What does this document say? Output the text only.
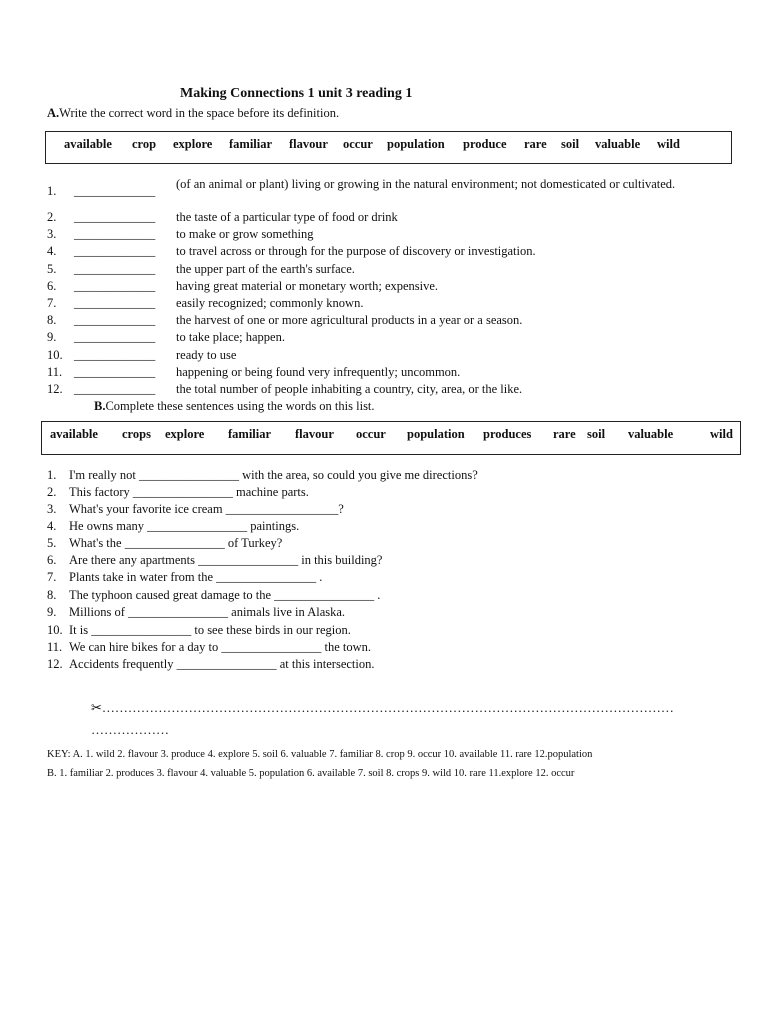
Making Connections 1 unit 3 reading 1
A.Write the correct word in the space before its definition.
available crop explore familiar flavour occur population produce rare soil valuable wild
1. _____________ (of an animal or plant) living or growing in the natural environment; not domesticated or cultivated.
2. _____________ the taste of a particular type of food or drink
3. _____________ to make or grow something
4. _____________ to travel across or through for the purpose of discovery or investigation.
5. _____________ the upper part of the earth's surface.
6. _____________ having great material or monetary worth; expensive.
7. _____________ easily recognized; commonly known.
8. _____________ the harvest of one or more agricultural products in a year or a season.
9. _____________ to take place; happen.
10. _____________ ready to use
11. _____________ happening or being found very infrequently; uncommon.
12. _____________ the total number of people inhabiting a country, city, area, or the like.
B.Complete these sentences using the words on this list.
available crops explore familiar flavour occur population produces rare soil valuable	wild
1. I'm really not ________________ with the area, so could you give me directions?
2. This factory ________________ machine parts.
3. What's your favorite ice cream __________________?
4. He owns many ________________ paintings.
5. What's the ________________ of Turkey?
6. Are there any apartments ________________ in this building?
7. Plants take in water from the ________________ .
8. The typhoon caused great damage to the ________________ .
9. Millions of ________________ animals live in Alaska.
10. It is ________________ to see these birds in our region.
11. We can hire bikes for a day to ________________ the town.
12. Accidents frequently ________________ at this intersection.
✂……………………………………………………………………………………………………………………
………………
KEY: A. 1. wild 2. flavour 3. produce 4. explore 5. soil 6. valuable 7. familiar 8. crop 9. occur 10. available 11. rare 12.population
B. 1. familiar 2. produces 3. flavour 4. valuable 5. population 6. available 7. soil 8. crops 9. wild 10. rare 11.explore 12. occur
